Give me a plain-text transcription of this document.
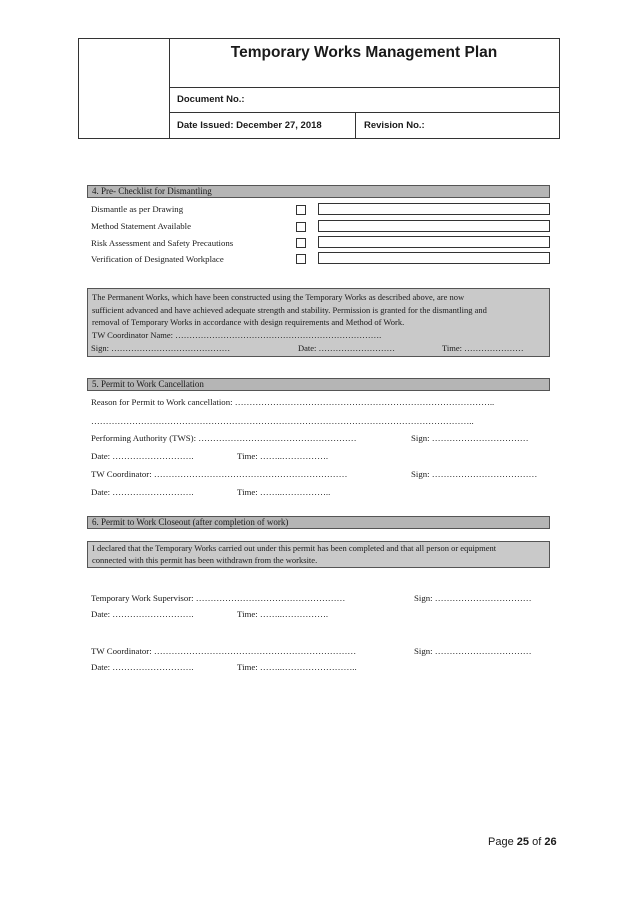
Temporary Works Management Plan
Document No.:
Date Issued: December 27, 2018	Revision No.:
4. Pre- Checklist for Dismantling
Dismantle as per Drawing
Method Statement Available
Risk Assessment and Safety Precautions
Verification of Designated Workplace
The Permanent Works, which have been constructed using the Temporary Works as described above, are now
sufficient advanced and have achieved adequate strength and stability. Permission is granted for the dismantling and
removal of Temporary Works in accordance with design requirements and Method of Work.
TW Coordinator Name: ……………………………………………………………….
Sign: ……………………………………	Date: ………………………	Time: …………………
5. Permit to Work Cancellation
Reason for Permit to Work cancellation: ……………………………………………………………………………..
…………………………………………………………………………………………………………………..
Performing Authority (TWS): ………………………………………………	Sign: ……………………………
Date: ……………………….	Time: ……..…………….
TW Coordinator: …………………………………………………………	Sign: ………………………………
Date: ……………………….	Time: ……..……………..
6. Permit to Work Closeout (after completion of work)
I declared that the Temporary Works carried out under this permit has been completed and that all person or equipment
connected with this permit has been withdrawn from the worksite.
Temporary Work Supervisor: ……………………………………………	Sign: ……………………………
Date: ……………………….	Time: ……..…………….
TW Coordinator: ……………………………………………………………	Sign: ……………………………
Date: ……………………….	Time: ……..……………………..
Page 25 of 26
